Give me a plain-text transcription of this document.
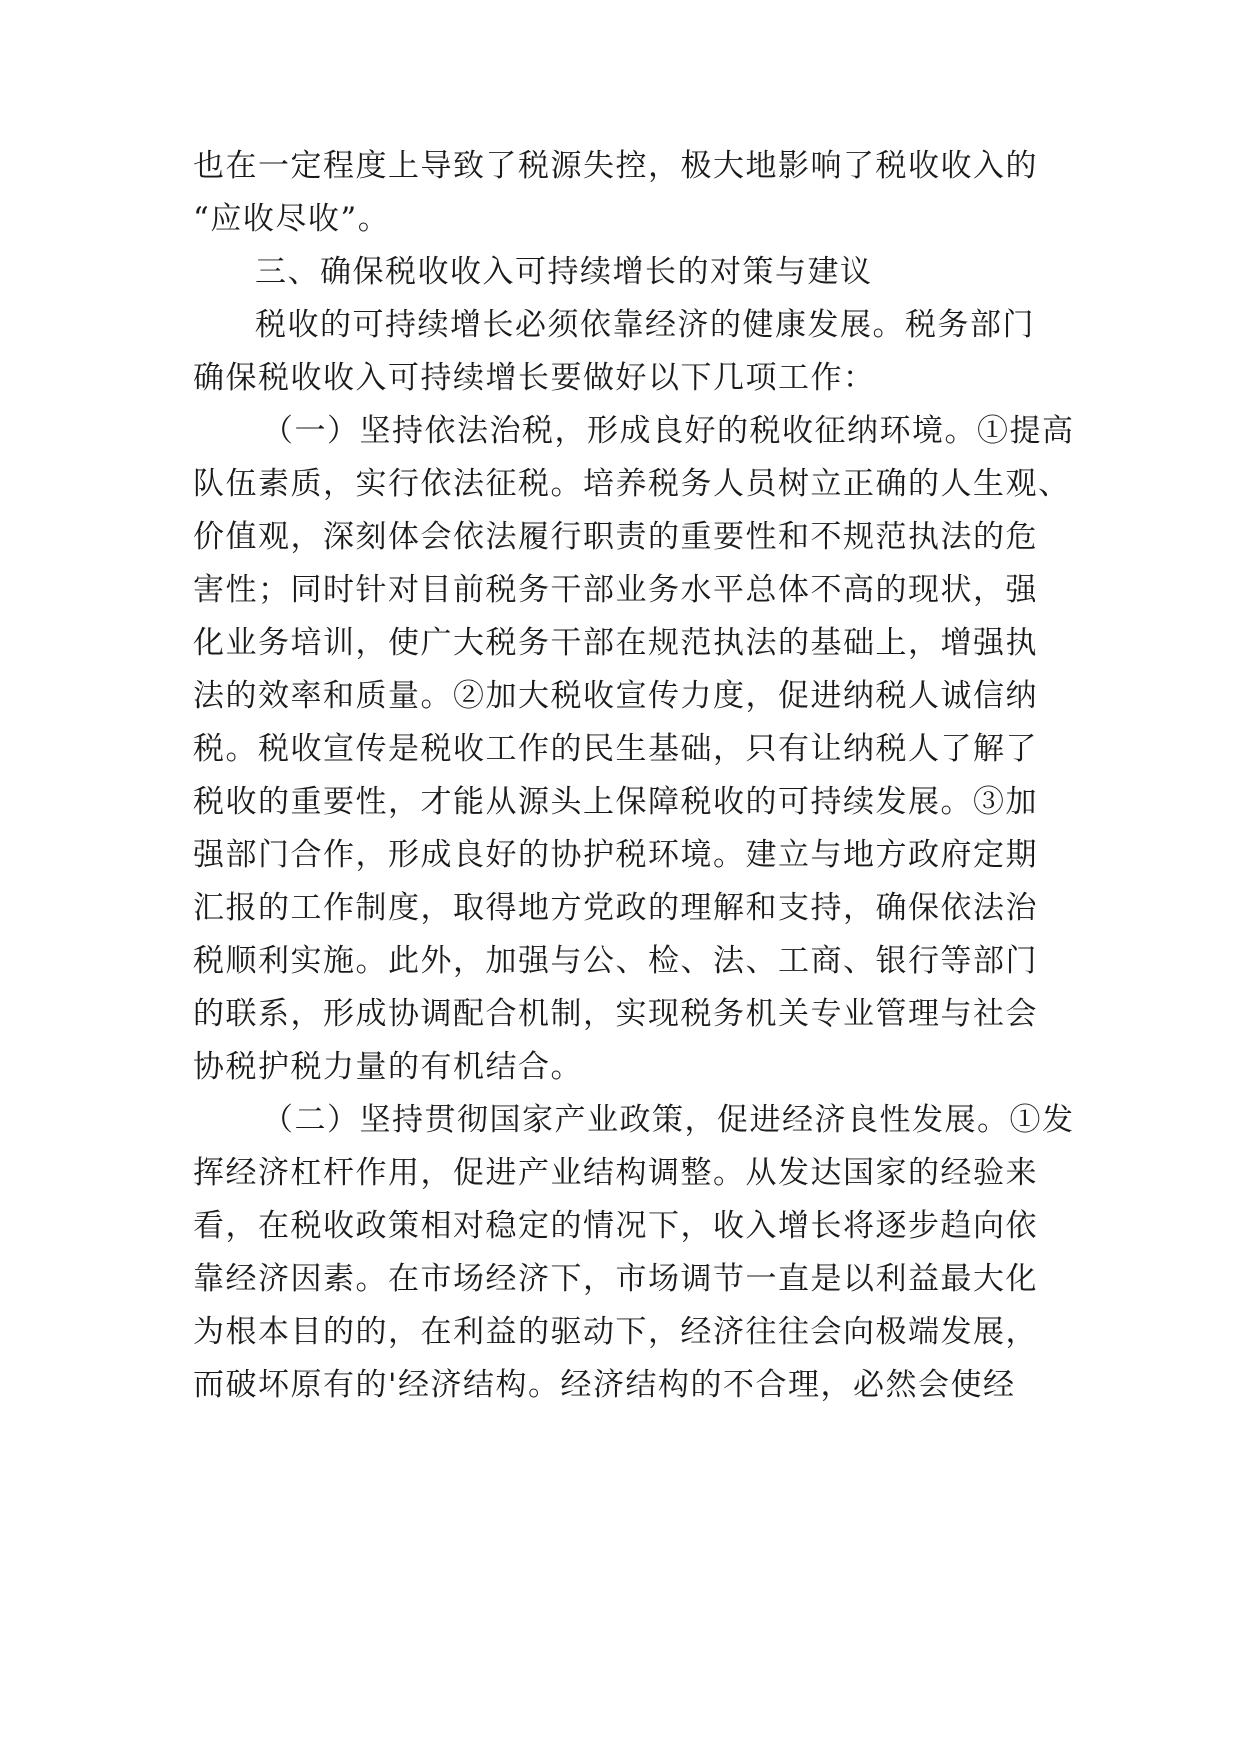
也在一定程度上导致了税源失控，极大地影响了税收收入的
“应收尽收”。
三、确保税收收入可持续增长的对策与建议
税收的可持续增长必须依靠经济的健康发展。税务部门
确保税收收入可持续增长要做好以下几项工作：
（一）坚持依法治税，形成良好的税收征纳环境。①提高
队伍素质，实行依法征税。培养税务人员树立正确的人生观、
价值观，深刻体会依法履行职责的重要性和不规范执法的危
害性；同时针对目前税务干部业务水平总体不高的现状，强
化业务培训，使广大税务干部在规范执法的基础上，增强执
法的效率和质量。②加大税收宣传力度，促进纳税人诚信纳
税。税收宣传是税收工作的民生基础，只有让纳税人了解了
税收的重要性，才能从源头上保障税收的可持续发展。③加
强部门合作，形成良好的协护税环境。建立与地方政府定期
汇报的工作制度，取得地方党政的理解和支持，确保依法治
税顺利实施。此外，加强与公、检、法、工商、银行等部门
的联系，形成协调配合机制，实现税务机关专业管理与社会
协税护税力量的有机结合。
（二）坚持贯彻国家产业政策，促进经济良性发展。①发
挥经济杠杆作用，促进产业结构调整。从发达国家的经验来
看，在税收政策相对稳定的情况下，收入增长将逐步趋向依
靠经济因素。在市场经济下，市场调节一直是以利益最大化
为根本目的的，在利益的驱动下，经济往往会向极端发展，
而破坏原有的'经济结构。经济结构的不合理，必然会使经
